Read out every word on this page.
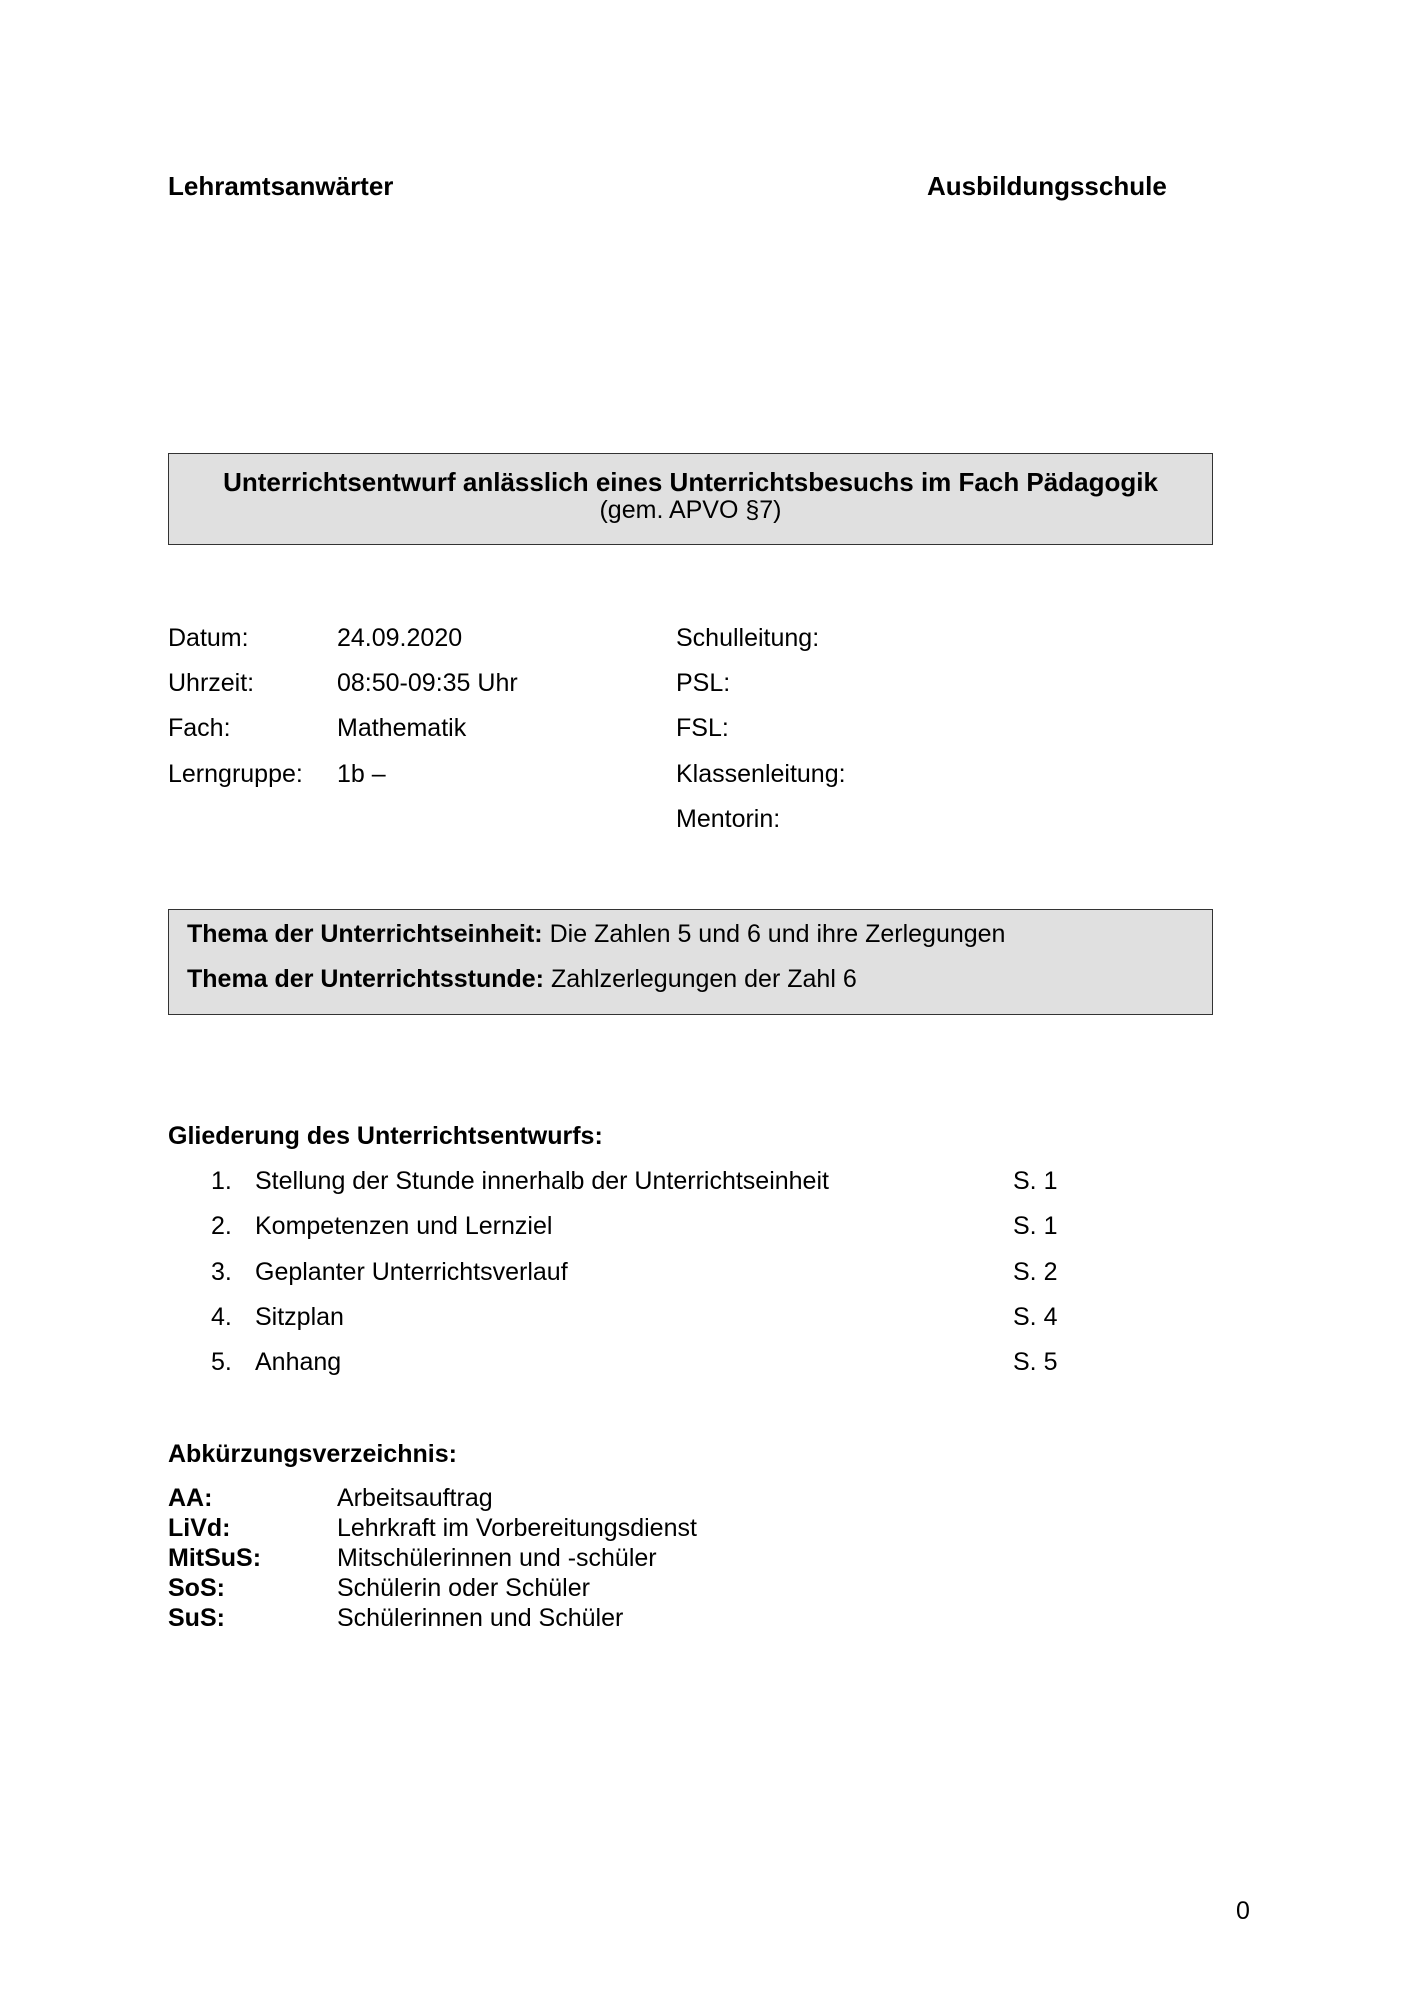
Lehramtsanwärter	Ausbildungsschule
Unterrichtsentwurf anlässlich eines Unterrichtsbesuchs im Fach Pädagogik
(gem. APVO §7)
Datum:	24.09.2020
Uhrzeit:	08:50-09:35 Uhr
Fach:	Mathematik
Lerngruppe: 1b –
Schulleitung:
PSL:
FSL:
Klassenleitung:
Mentorin:
Thema der Unterrichtseinheit: Die Zahlen 5 und 6 und ihre Zerlegungen
Thema der Unterrichtsstunde: Zahlzerlegungen der Zahl 6
Gliederung des Unterrichtsentwurfs:
1. Stellung der Stunde innerhalb der Unterrichtseinheit	S. 1
2. Kompetenzen und Lernziel	S. 1
3. Geplanter Unterrichtsverlauf	S. 2
4. Sitzplan	S. 4
5. Anhang	S. 5
Abkürzungsverzeichnis:
AA:	Arbeitsauftrag
LiVd:	Lehrkraft im Vorbereitungsdienst
MitSuS:	Mitschülerinnen und -schüler
SoS:	Schülerin oder Schüler
SuS:	Schülerinnen und Schüler
0
